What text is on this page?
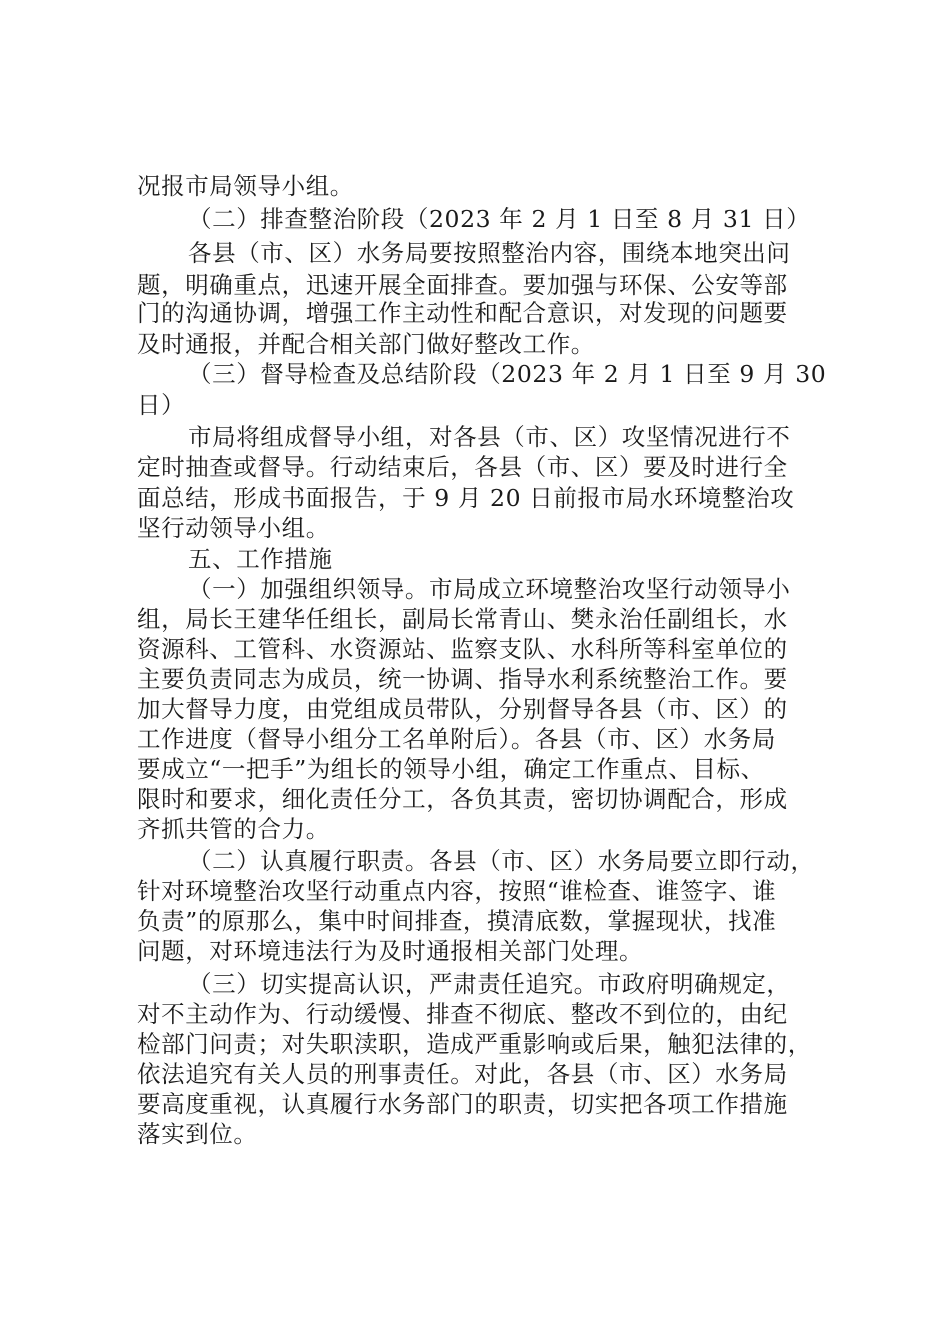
况报市局领导小组。
（二）排查整治阶段（2023 年 2 月 1 日至 8 月 31 日）
各县（市、区）水务局要按照整治内容，围绕本地突出问
题，明确重点，迅速开展全面排查。要加强与环保、公安等部
门的沟通协调，增强工作主动性和配合意识，对发现的问题要
及时通报，并配合相关部门做好整改工作。
（三）督导检查及总结阶段（2023 年 2 月 1 日至 9 月 30
日）
市局将组成督导小组，对各县（市、区）攻坚情况进行不
定时抽查或督导。行动结束后，各县（市、区）要及时进行全
面总结，形成书面报告，于 9 月 20 日前报市局水环境整治攻
坚行动领导小组。
五、工作措施
（一）加强组织领导。市局成立环境整治攻坚行动领导小
组，局长王建华任组长，副局长常青山、樊永治任副组长，水
资源科、工管科、水资源站、监察支队、水科所等科室单位的
主要负责同志为成员，统一协调、指导水利系统整治工作。要
加大督导力度，由党组成员带队，分别督导各县（市、区）的
工作进度（督导小组分工名单附后）。各县（市、区）水务局
要成立“一把手”为组长的领导小组，确定工作重点、目标、
限时和要求，细化责任分工，各负其责，密切协调配合，形成
齐抓共管的合力。
（二）认真履行职责。各县（市、区）水务局要立即行动，
针对环境整治攻坚行动重点内容，按照“谁检查、谁签字、谁
负责”的原那么，集中时间排查，摸清底数，掌握现状，找准
问题，对环境违法行为及时通报相关部门处理。
（三）切实提高认识，严肃责任追究。市政府明确规定，
对不主动作为、行动缓慢、排查不彻底、整改不到位的，由纪
检部门问责；对失职渎职，造成严重影响或后果，触犯法律的，
依法追究有关人员的刑事责任。对此，各县（市、区）水务局
要高度重视，认真履行水务部门的职责，切实把各项工作措施
落实到位。
